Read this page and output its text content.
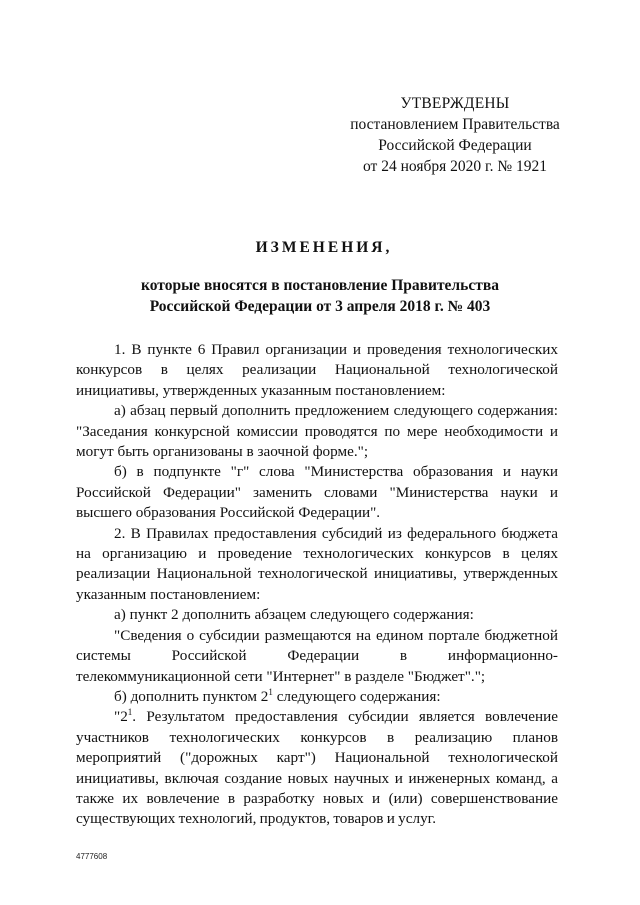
УТВЕРЖДЕНЫ
постановлением Правительства
Российской Федерации
от 24 ноября 2020 г. № 1921
ИЗМЕНЕНИЯ,
которые вносятся в постановление Правительства
Российской Федерации от 3 апреля 2018 г. № 403

1. В пункте 6 Правил организации и проведения технологических конкурсов в целях реализации Национальной технологической инициативы, утвержденных указанным постановлением:

а) абзац первый дополнить предложением следующего содержания: "Заседания конкурсной комиссии проводятся по мере необходимости и могут быть организованы в заочной форме.";

б) в подпункте "г" слова "Министерства образования и науки Российской Федерации" заменить словами "Министерства науки и высшего образования Российской Федерации".

2. В Правилах предоставления субсидий из федерального бюджета на организацию и проведение технологических конкурсов в целях реализации Национальной технологической инициативы, утвержденных указанным постановлением:

а) пункт 2 дополнить абзацем следующего содержания:

"Сведения о субсидии размещаются на едином портале бюджетной системы Российской Федерации в информационно-телекоммуникационной сети "Интернет" в разделе "Бюджет".";

б) дополнить пунктом $2^1$ следующего содержания:

"$2^1$. Результатом предоставления субсидии является вовлечение участников технологических конкурсов в реализацию планов мероприятий ("дорожных карт") Национальной технологической инициативы, включая создание новых научных и инженерных команд, а также их вовлечение в разработку новых и (или) совершенствование существующих технологий, продуктов, товаров и услуг.

4777608
